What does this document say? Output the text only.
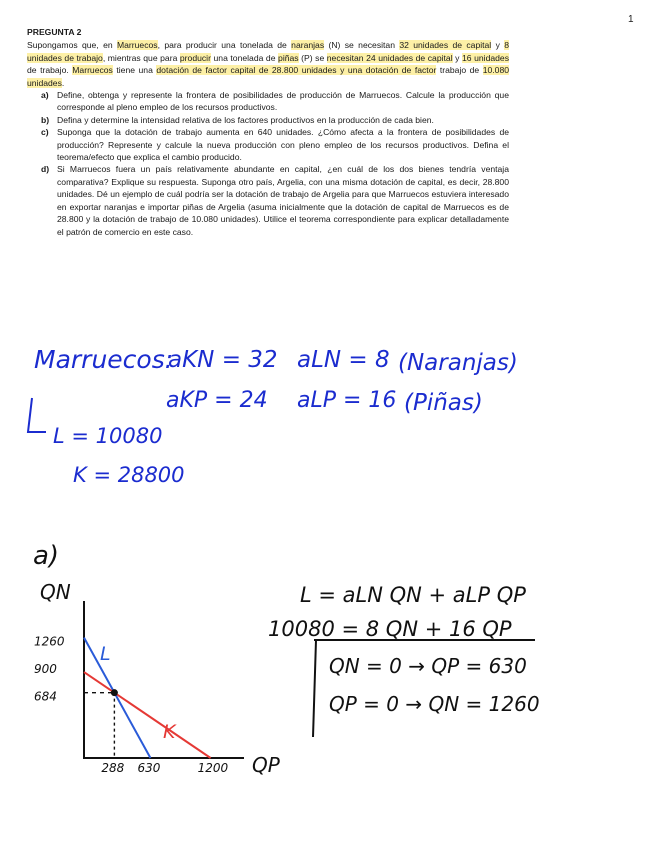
1

PREGUNTA 2

Supongamos que, en Marruecos, para producir una tonelada de naranjas (N) se necesitan 32 unidades de capital y 8 unidades de trabajo, mientras que para producir una tonelada de piñas (P) se necesitan 24 unidades de capital y 16 unidades de trabajo. Marruecos tiene una dotación de factor capital de 28.800 unidades y una dotación de factor trabajo de 10.080 unidades.

a) Define, obtenga y represente la frontera de posibilidades de producción de Marruecos. Calcule la producción que corresponde al pleno empleo de los recursos productivos.
b) Defina y determine la intensidad relativa de los factores productivos en la producción de cada bien.
c) Suponga que la dotación de trabajo aumenta en 640 unidades. ¿Cómo afecta a la frontera de posibilidades de producción? Represente y calcule la nueva producción con pleno empleo de los recursos productivos. Defina el teorema/efecto que explica el cambio producido.
d) Si Marruecos fuera un país relativamente abundante en capital, ¿en cuál de los dos bienes tendría ventaja comparativa? Explique su respuesta. Suponga otro país, Argelia, con una misma dotación de capital, es decir, 28.800 unidades. Dé un ejemplo de cuál podría ser la dotación de trabajo de Argelia para que Marruecos estuviera interesado en exportar naranjas e importar piñas de Argelia (asuma inicialmente que la dotación de capital de Marruecos es de 28.800 y la dotación de trabajo de 10.080 unidades). Utilice el teorema correspondiente para explicar detalladamente el patrón de comercio en este caso.
Marruecos:
aKN = 32 aLN = 8 (Naranjas)
aKP = 24 aLP = 16 (Piñas)
L = 10080
K = 28800
a)
L = aLN QN + aLP QP
10080 = 8 QN + 16 QP
QN = 0 → QP = 630
QP = 0 → QN = 1260
QN
QP
L
K
1260
900
684
288 630	1200
